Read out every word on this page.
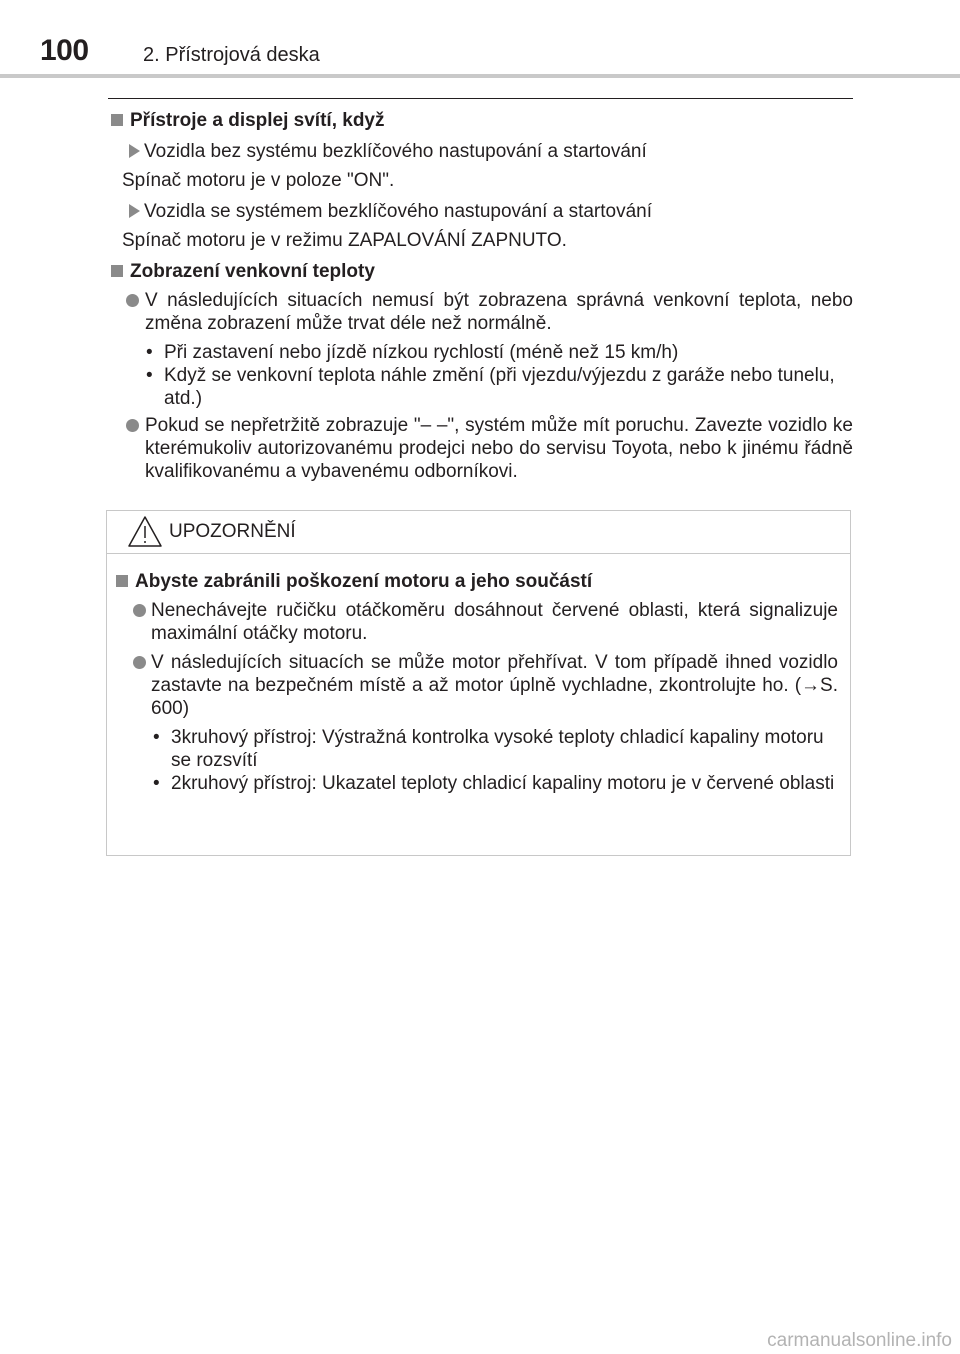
100	2. Přístrojová deska
Přístroje a displej svítí, když
Vozidla bez systému bezklíčového nastupování a startování
Spínač motoru je v poloze "ON".
Vozidla se systémem bezklíčového nastupování a startování
Spínač motoru je v režimu ZAPALOVÁNÍ ZAPNUTO.
Zobrazení venkovní teploty
V následujících situacích nemusí být zobrazena správná venkovní teplota, nebo změna zobrazení může trvat déle než normálně.
• Při zastavení nebo jízdě nízkou rychlostí (méně než 15 km/h)
• Když se venkovní teplota náhle změní (při vjezdu/výjezdu z garáže nebo tunelu, atd.)
Pokud se nepřetržitě zobrazuje "– –", systém může mít poruchu. Zavezte vozidlo ke kterémukoliv autorizovanému prodejci nebo do servisu Toyota, nebo k jinému řádně kvalifikovanému a vybavenému odborníkovi.
UPOZORNĚNÍ
Abyste zabránili poškození motoru a jeho součástí
Nenechávejte ručičku otáčkoměru dosáhnout červené oblasti, která signalizuje maximální otáčky motoru.
V následujících situacích se může motor přehřívat. V tom případě ihned vozidlo zastavte na bezpečném místě a až motor úplně vychladne, zkontrolujte ho. (→S. 600)
• 3kruhový přístroj: Výstražná kontrolka vysoké teploty chladicí kapaliny motoru se rozsvítí
• 2kruhový přístroj: Ukazatel teploty chladicí kapaliny motoru je v červené oblasti
carmanualsonline.info
